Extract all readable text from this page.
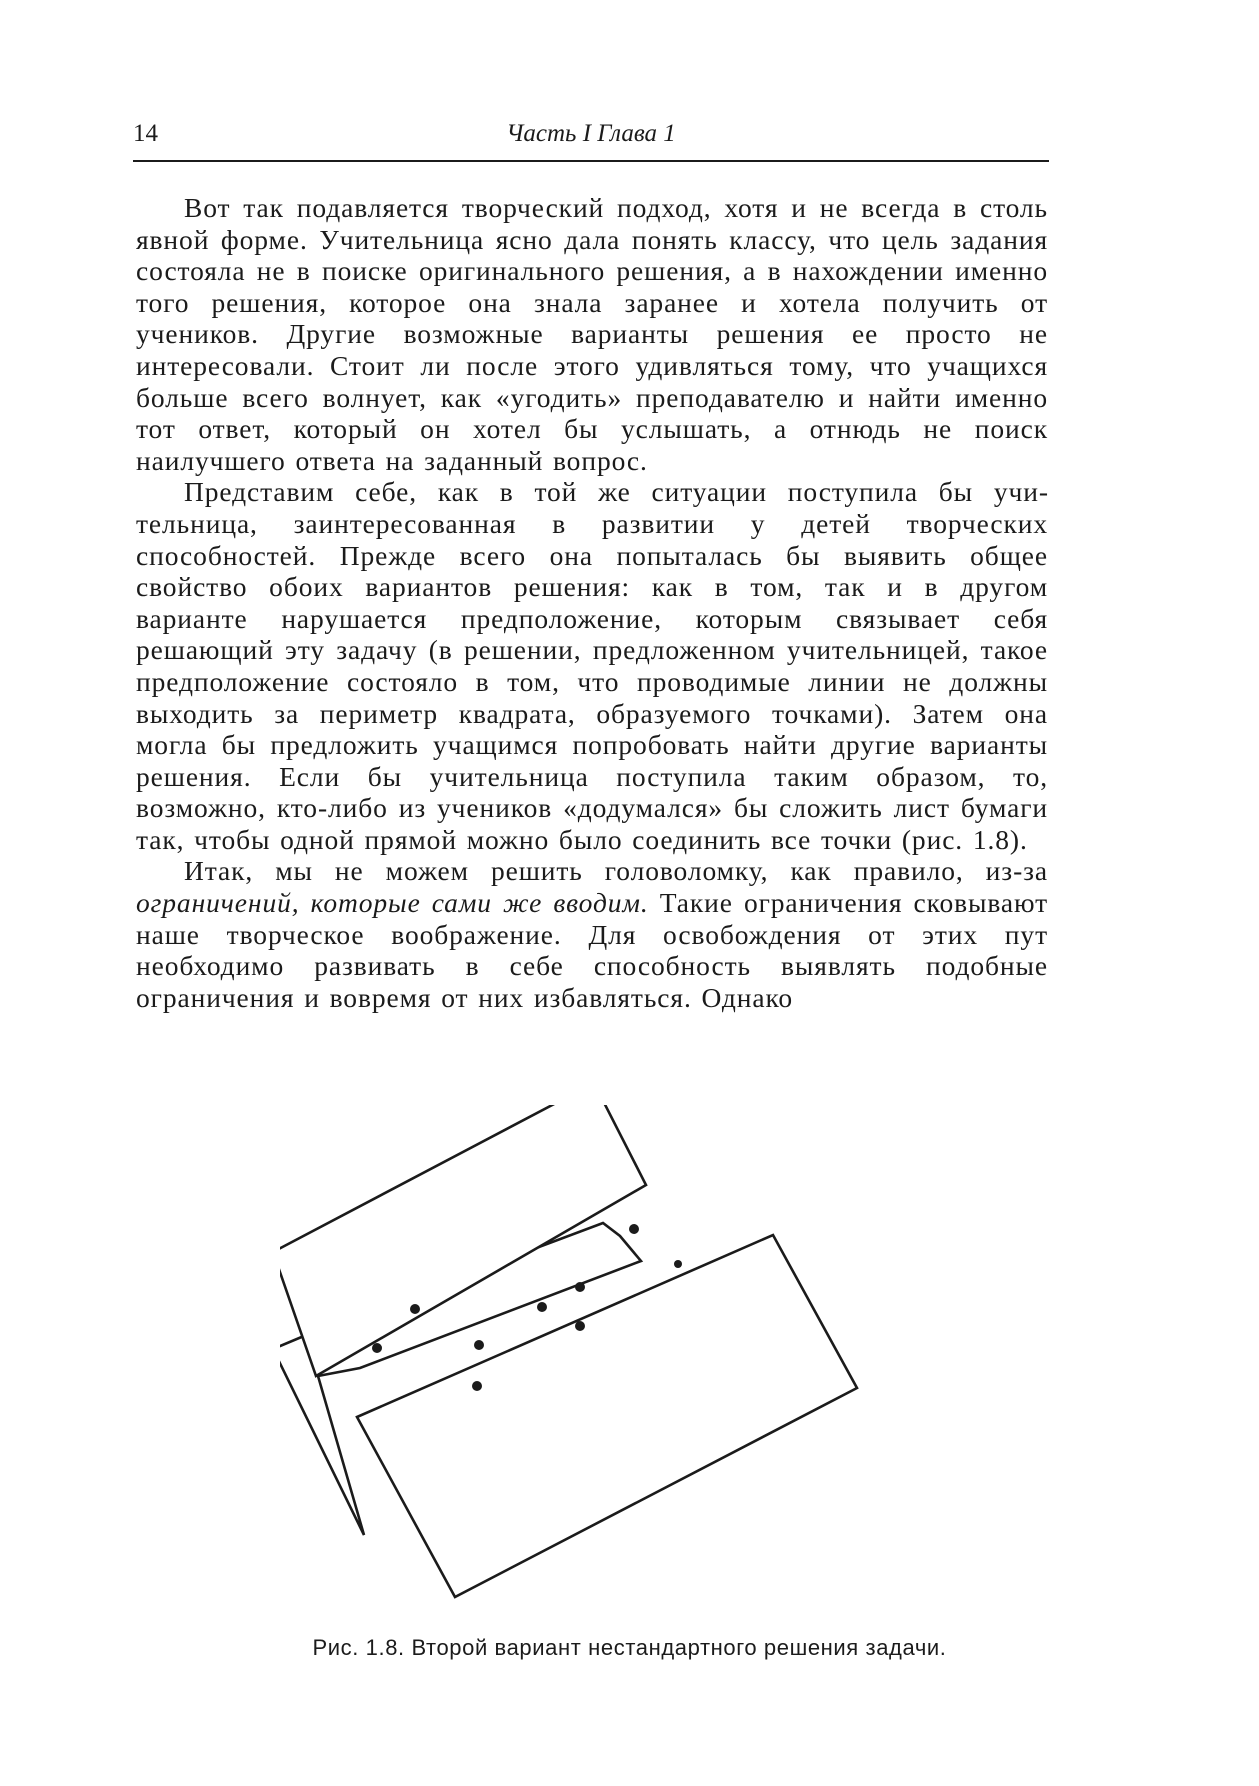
14	Часть I Глава 1

Вот так подавляется творческий подход, хотя и не всегда в столь явной форме. Учительница ясно дала понять классу, что цель задания состояла не в поиске оригинального решения, а в нахождении именно того решения, которое она знала заранее и хотела получить от учеников. Другие возможные варианты решения ее просто не интересовали. Стоит ли после этого удивляться тому, что учащихся больше всего волнует, как «угодить» преподавателю и найти именно тот ответ, который он хотел бы услышать, а отнюдь не поиск наилучшего ответа на заданный вопрос.

Представим себе, как в той же ситуации поступила бы учительница, заинтересованная в развитии у детей творческих способностей. Прежде всего она попыталась бы выявить общее свойство обоих вариантов решения: как в том, так и в другом варианте нарушается предположение, которым связывает себя решающий эту задачу (в решении, предложенном учительницей, такое предположение состояло в том, что проводимые линии не должны выходить за периметр квадрата, образуемого точками). Затем она могла бы предложить учащимся попробовать найти другие варианты решения. Если бы учительница поступила таким образом, то, возможно, кто-либо из учеников «додумался» бы сложить лист бумаги так, чтобы одной прямой можно было соединить все точки (рис. 1.8).

Итак, мы не можем решить головоломку, как правило, из-за ограничений, которые сами же вводим. Такие ограничения сковывают наше творческое воображение. Для освобождения от этих пут необходимо развивать в себе способность выявлять подобные ограничения и вовремя от них избавляться. Однако

Рис. 1.8. Второй вариант нестандартного решения задачи.
